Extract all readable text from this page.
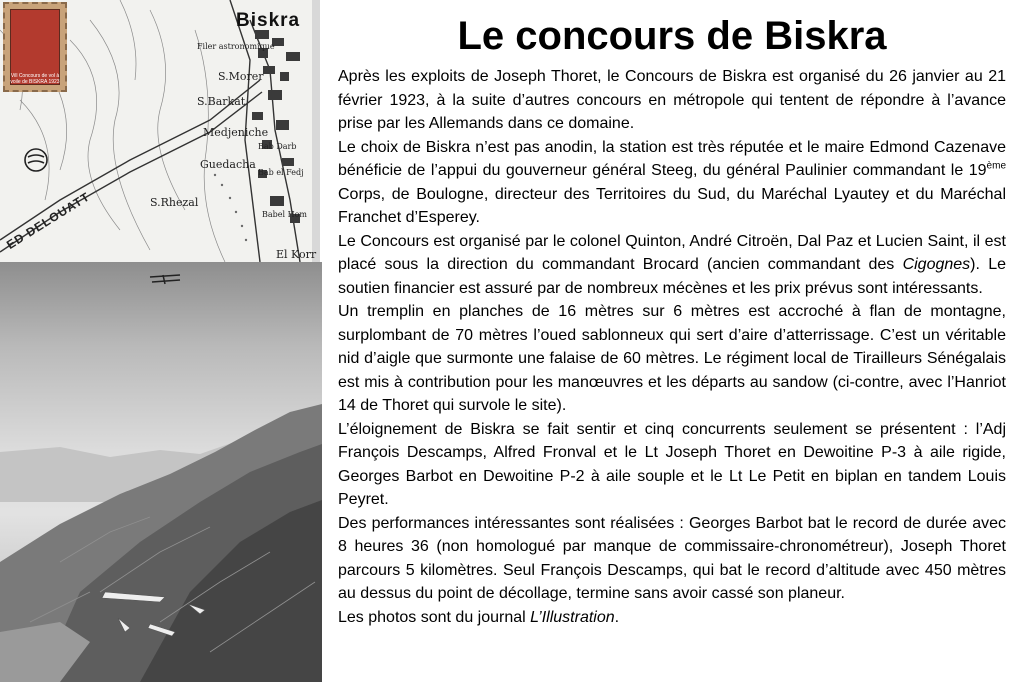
Biskra
Filer astronomique
S.Morer
S.Barkat
Medjeniche
Guedacha
S.Rhezal
Bab Darb
Bab el Fedj
Babel Hom
El Korr
ED DELOUATT
Vill Concours de vol à voile de BISKRA 1923
Le concours de Biskra

Après les exploits de Joseph Thoret, le Concours de Biskra est organisé du 26 janvier au 21 février 1923, à la suite d’autres concours en métropole qui tentent de répondre à l’avance prise par les Allemands dans ce domaine.

Le choix de Biskra n’est pas anodin, la station est très réputée et le maire Edmond Cazenave bénéficie de l’appui du gouverneur général Steeg, du général Paulinier commandant le 19ème Corps, de Boulogne, directeur des Territoires du Sud, du Maréchal Lyautey et du Maréchal Franchet d’Esperey.

Le Concours est organisé par le colonel Quinton, André Citroën, Dal Paz et Lucien Saint, il est placé sous la direction du commandant Brocard (ancien commandant des Cigognes). Le soutien financier est assuré par de nombreux mécènes et les prix prévus sont intéressants.

Un tremplin en planches de 16 mètres sur 6 mètres est accroché à flan de montagne, surplombant de 70 mètres l’oued sablonneux qui sert d’aire d’atterrissage. C’est un véritable nid d’aigle que surmonte une falaise de 60 mètres. Le régiment local de Tirailleurs Sénégalais est mis à contribution pour les manœuvres et les départs au sandow (ci-contre, avec l’Hanriot 14 de Thoret qui survole le site).

L’éloignement de Biskra se fait sentir et cinq concurrents seulement se présentent : l’Adj François Descamps, Alfred Fronval et le Lt Joseph Thoret en Dewoitine P-3 à aile rigide, Georges Barbot en Dewoitine P-2 à aile souple et le Lt Le Petit en biplan en tandem Louis Peyret.

Des performances intéressantes sont réalisées : Georges Barbot bat le record de durée avec 8 heures 36 (non homologué par manque de commissaire-chronométreur), Joseph Thoret parcours 5 kilomètres. Seul François Descamps, qui bat le record d’altitude avec 450 mètres au dessus du point de décollage, termine sans avoir cassé son planeur.

Les photos sont du journal L’Illustration.
